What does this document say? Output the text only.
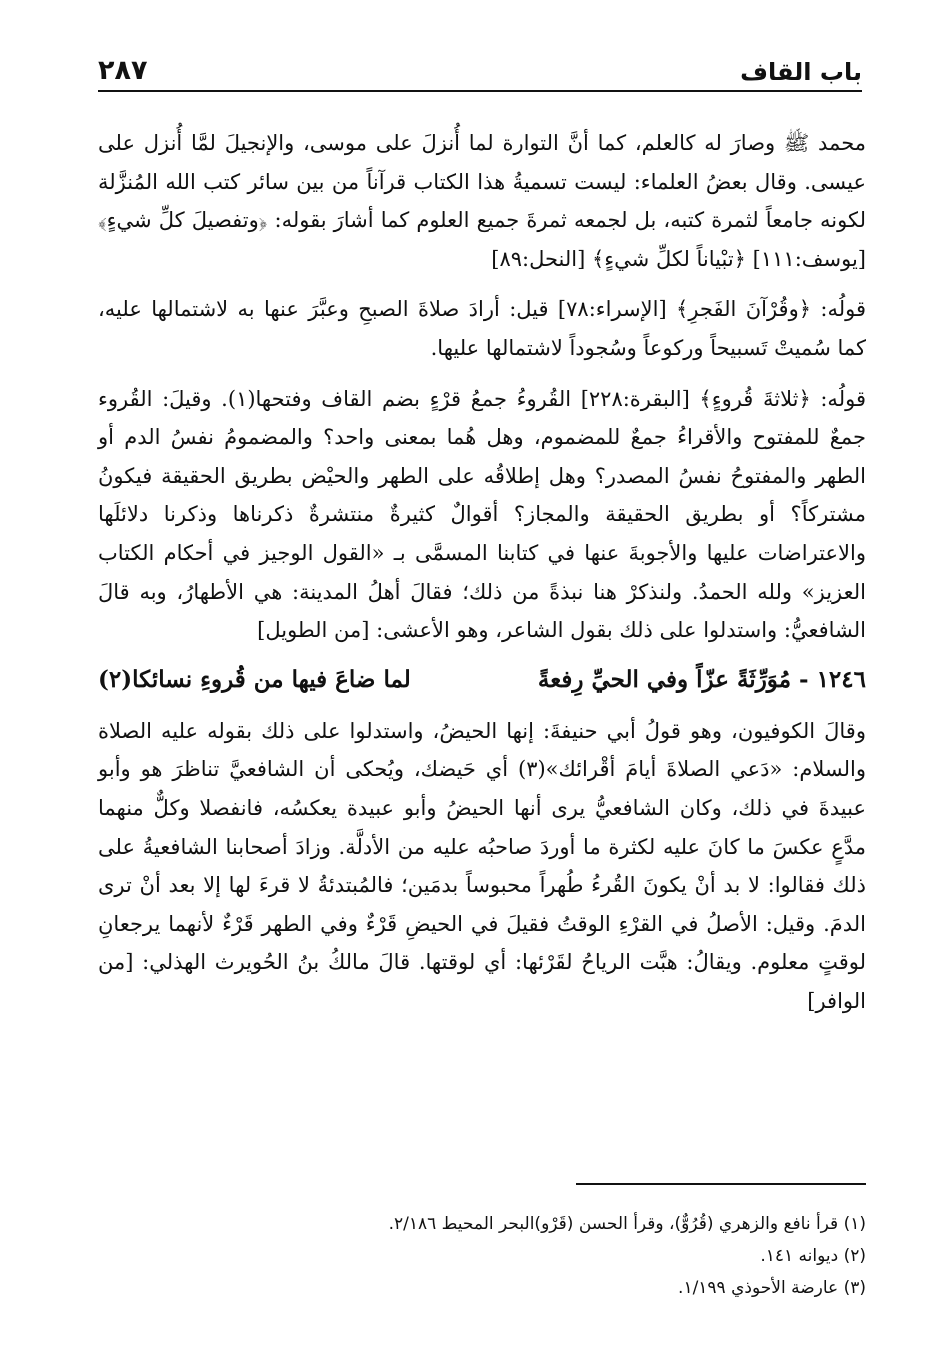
باب القاف
٢٨٧

محمد ﷺ وصارَ له كالعلم، كما أنَّ التوارة لما أُنزلَ على موسى، والإنجيلَ لمَّا أُنزل على عيسى. وقال بعضُ العلماء: ليست تسميةُ هذا الكتاب قرآناً من بين سائر كتب الله المُنزَّلة لكونه جامعاً لثمرة كتبه، بل لجمعه ثمرةَ جميع العلوم كما أشارَ بقوله: ﴿وتفصيلَ كلِّ شيءٍ﴾ [يوسف:١١١] ﴿تبْياناً لكلِّ شيءٍ﴾ [النحل:٨٩]

قولُه: ﴿وقُرْآنَ الفَجرِ﴾ [الإسراء:٧٨] قيل: أرادَ صلاةَ الصبحِ وعبَّرَ عنها به لاشتمالها عليه، كما سُميتْ تَسبيحاً وركوعاً وسُجوداً لاشتمالها عليها.

قولُه: ﴿ثلاثةَ قُروءٍ﴾ [البقرة:٢٢٨] القُروءُ جمعُ قرْءٍ بضم القاف وفتحها(١). وقيلَ: القُروء جمعٌ للمفتوح والأقراءُ جمعٌ للمضموم، وهل هُما بمعنى واحد؟ والمضمومُ نفسُ الدم أو الطهر والمفتوحُ نفسُ المصدر؟ وهل إطلاقُه على الطهر والحيْض بطريق الحقيقة فيكونُ مشتركاً؟ أو بطريق الحقيقة والمجاز؟ أقوالٌ كثيرةٌ منتشرةٌ ذكرناها وذكرنا دلائلَها والاعتراضات عليها والأجوبةَ عنها في كتابنا المسمَّى بـ «القول الوجيز في أحكام الكتاب العزيز» ولله الحمدُ. ولنذكرْ هنا نبذةً من ذلك؛ فقالَ أهلُ المدينة: هي الأطهارُ، وبه قالَ الشافعيُّ: واستدلوا على ذلك بقول الشاعر، وهو الأعشى: [من الطويل]

١٢٤٦ - مُوَرِّثَةً عزّاً وفي الحيِّ رِفعةً
لما ضاعَ فيها من قُروءِ نسائكا(٢)

وقالَ الكوفيون، وهو قولُ أبي حنيفةَ: إنها الحيضُ، واستدلوا على ذلك بقوله عليه الصلاة والسلام: «دَعي الصلاةَ أيامَ أقْرائك»(٣) أي حَيضك، ويُحكى أن الشافعيَّ تناظرَ هو وأبو عبيدةَ في ذلك، وكان الشافعيُّ يرى أنها الحيضُ وأبو عبيدة يعكسُه، فانفصلا وكلٌّ منهما مدَّعٍ عكسَ ما كانَ عليه لكثرة ما أوردَ صاحبُه عليه من الأدلَّة. وزادَ أصحابنا الشافعيةُ على ذلك فقالوا: لا بد أنْ يكونَ القُرءُ طُهراً محبوساً بدمَين؛ فالمُبتدئةُ لا قرءَ لها إلا بعد أنْ ترى الدمَ. وقيل: الأصلُ في القرْءِ الوقتُ فقيلَ في الحيضِ قَرْءٌ وفي الطهر قَرْءٌ لأنهما يرجعانِ لوقتٍ معلوم. ويقالُ: هبَّت الرياحُ لقَرْئها: أي لوقتها. قالَ مالكُ بنُ الحُويرث الهذلي: [من الوافر]

(١) قرأ نافع والزهري (قُرُوٌّ)، وقرأ الحسن (قَرْو)البحر المحيط ٢/١٨٦.

(٢) ديوانه ١٤١.

(٣) عارضة الأحوذي ١/١٩٩.
